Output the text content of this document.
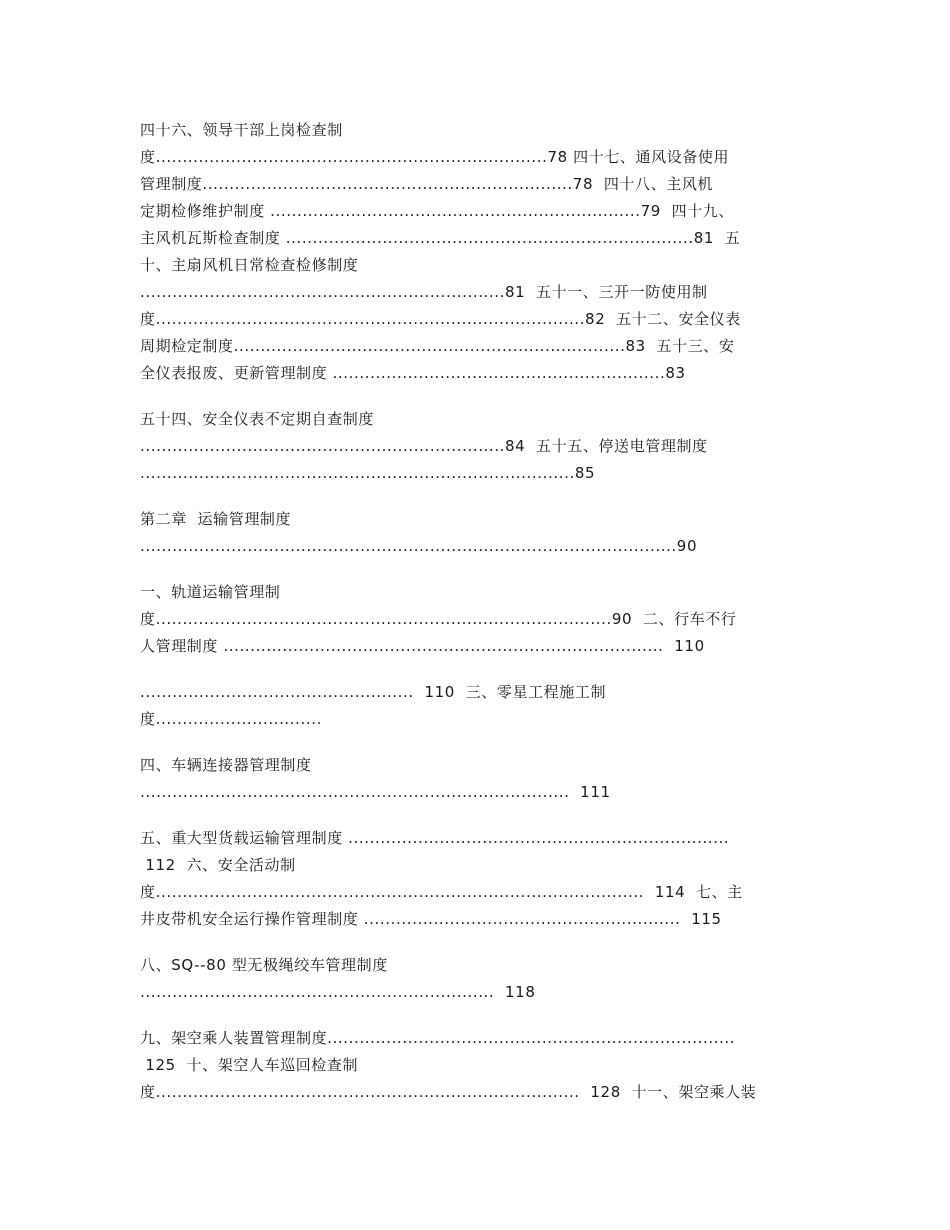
四十六、领导干部上岗检查制
度.........................................................................78 四十七、通风设备使用
管理制度.....................................................................78  四十八、主风机
定期检修维护制度 .....................................................................79  四十九、
主风机瓦斯检查制度 ............................................................................81  五
十、主扇风机日常检查检修制度
....................................................................81  五十一、三开一防使用制
度................................................................................82  五十二、安全仪表
周期检定制度.........................................................................83  五十三、安
全仪表报废、更新管理制度 ..............................................................83
五十四、安全仪表不定期自查制度
....................................................................84  五十五、停送电管理制度
.................................................................................85
第二章  运输管理制度
....................................................................................................90
一、轨道运输管理制
度.....................................................................................90  二、行车不行
人管理制度 ..................................................................................  110
...................................................  110  三、零星工程施工制
度...............................
四、车辆连接器管理制度
................................................................................  111
五、重大型货载运输管理制度 .......................................................................
112  六、安全活动制
度...........................................................................................  114  七、主
井皮带机安全运行操作管理制度 ...........................................................  115
八、SQ--80 型无极绳绞车管理制度
..................................................................  118
九、架空乘人装置管理制度............................................................................
125  十、架空人车巡回检查制
度...............................................................................  128  十一、架空乘人装
